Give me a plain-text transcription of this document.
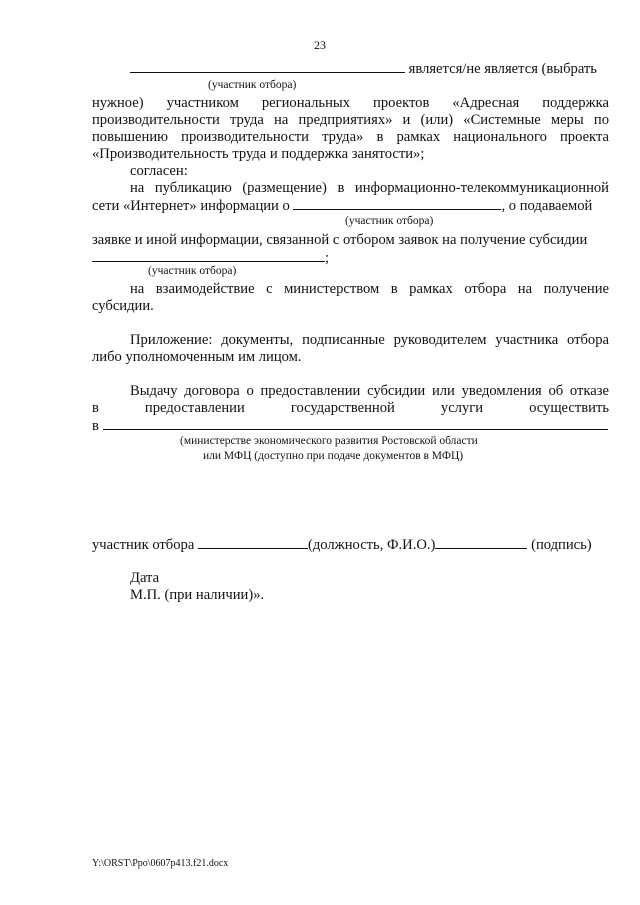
23
является/не является (выбрать
(участник отбора)
нужное) участником региональных проектов «Адресная поддержка
производительности труда на предприятиях» и (или) «Системные меры по
повышению производительности труда» в рамках национального проекта
«Производительность труда и поддержка занятости»;
согласен:
на публикацию (размещение) в информационно-телекоммуникационной
сети «Интернет» информации о	, о подаваемой
(участник отбора)
заявке и иной информации, связанной с отбором заявок на получение субсидии
;
(участник отбора)
на взаимодействие с министерством в рамках отбора на получение
субсидии.
Приложение: документы, подписанные руководителем участника отбора
либо уполномоченным им лицом.
Выдачу договора о предоставлении субсидии или уведомления об отказе
в предоставлении государственной услуги осуществить
в
(министерстве экономического развития Ростовской области
или МФЦ (доступно при подаче документов в МФЦ)
участник отбора	(должность, Ф.И.О.)	(подпись)
Дата
М.П. (при наличии)».
Y:\ORST\Ppo\0607p413.f21.docx
